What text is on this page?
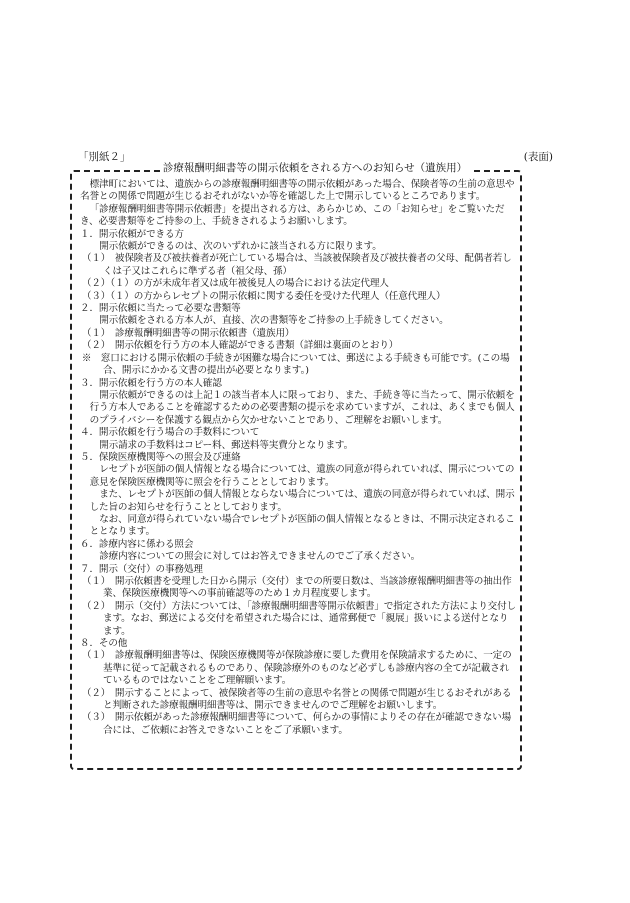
「別紙２」	(表面)
診療報酬明細書等の開示依頼をされる方へのお知らせ（遺族用）

標津町においては、遺族からの診療報酬明細書等の開示依頼があった場合、保険者等の生前の意思や名誉との関係で問題が生じるおそれがないか等を確認した上で開示しているところであります。

「診療報酬明細書等開示依頼書」を提出される方は、あらかじめ、この「お知らせ」をご覧いただき、必要書類等をご持参の上、手続きされるようお願いします。

１．開示依頼ができる方

開示依頼ができるのは、次のいずれかに該当される方に限ります。

（１）　被保険者及び被扶養者が死亡している場合は、当該被保険者及び被扶養者の父母、配偶者若しくは子又はこれらに準ずる者（祖父母、孫）

（２）（１）の方が未成年者又は成年被後見人の場合における法定代理人

（３）（１）の方からレセプトの開示依頼に関する委任を受けた代理人（任意代理人）

２．開示依頼に当たって必要な書類等

開示依頼をされる方本人が、直接、次の書類等をご持参の上手続きしてください。

（１）　診療報酬明細書等の開示依頼書（遺族用）

（２）　開示依頼を行う方の本人確認ができる書類（詳細は裏面のとおり）

※　窓口における開示依頼の手続きが困難な場合については、郵送による手続きも可能です。(この場合、開示にかかる文書の提出が必要となります。)

３．開示依頼を行う方の本人確認

開示依頼ができるのは上記１の該当者本人に限っており、また、手続き等に当たって、開示依頼を行う方本人であることを確認するための必要書類の提示を求めていますが、これは、あくまでも個人のプライバシーを保護する観点から欠かせないことであり、ご理解をお願いします。

４．開示依頼を行う場合の手数料について

開示請求の手数料はコピー料、郵送料等実費分となります。

５．保険医療機関等への照会及び連絡

レセプトが医師の個人情報となる場合については、遺族の同意が得られていれば、開示についての意見を保険医療機関等に照会を行うこととしております。

また、レセプトが医師の個人情報とならない場合については、遺族の同意が得られていれば、開示した旨のお知らせを行うこととしております。

なお、同意が得られていない場合でレセプトが医師の個人情報となるときは、不開示決定されることとなります。

６．診療内容に係わる照会

診療内容についての照会に対してはお答えできませんのでご了承ください。

７．開示（交付）の事務処理

（１）　開示依頼書を受理した日から開示（交付）までの所要日数は、当該診療報酬明細書等の抽出作業、保険医療機関等への事前確認等のため１カ月程度要します。

（２）　開示（交付）方法については、「診療報酬明細書等開示依頼書」で指定された方法により交付します。なお、郵送による交付を希望された場合には、通常郵便で「親展」扱いによる送付となります。

８．その他

（１）　診療報酬明細書等は、保険医療機関等が保険診療に要した費用を保険請求するために、一定の基準に従って記載されるものであり、保険診療外のものなど必ずしも診療内容の全てが記載されているものではないことをご理解願います。

（２）　開示することによって、被保険者等の生前の意思や名誉との関係で問題が生じるおそれがあると判断された診療報酬明細書等は、開示できませんのでご理解をお願いします。

（３）　開示依頼があった診療報酬明細書等について、何らかの事情によりその存在が確認できない場合には、ご依頼にお答えできないことをご了承願います。
